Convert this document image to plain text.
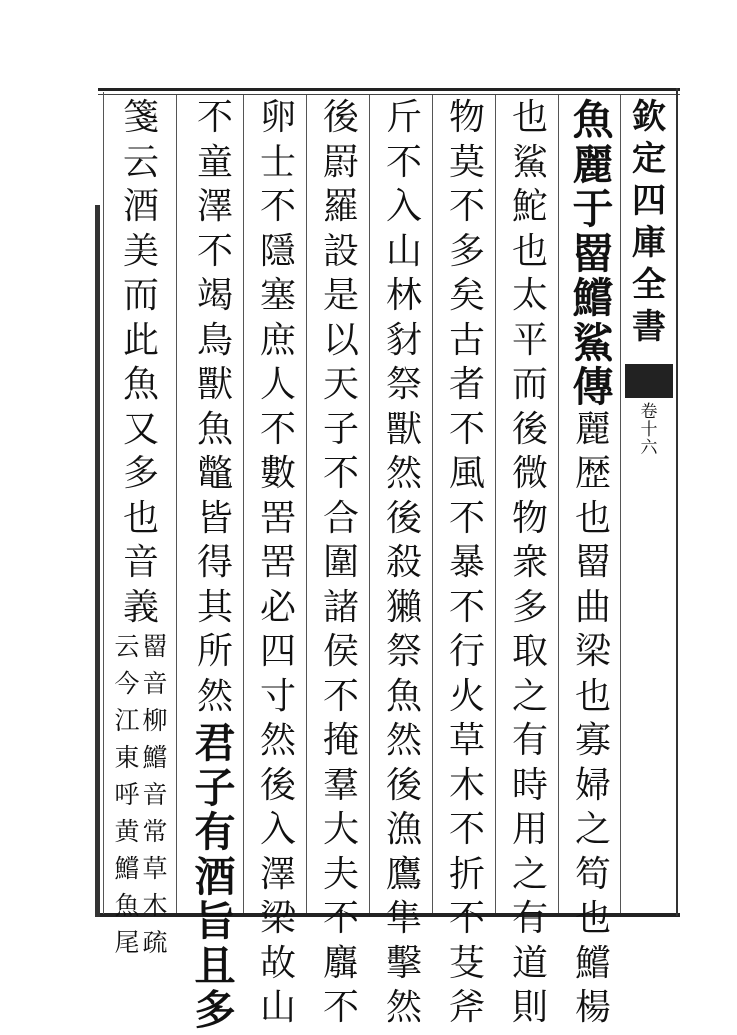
欽
定
四
庫
全
書
卷
十
六
魚
麗
于
罶
鱨
鯊
傳
麗
歴
也
罶
曲
梁
也
寡
婦
之
笱
也
鱨
楊
也
鯊
鮀
也
太
平
而
後
微
物
衆
多
取
之
有
時
用
之
有
道
則
物
莫
不
多
矣
古
者
不
風
不
暴
不
行
火
草
木
不
折
不
芟
斧
斤
不
入
山
林
豺
祭
獸
然
後
殺
獺
祭
魚
然
後
漁
鷹
隼
擊
然
後
罻
羅
設
是
以
天
子
不
合
圍
諸
侯
不
掩
羣
大
夫
不
麛
不
卵
士
不
隱
塞
庶
人
不
數
罟
罟
必
四
寸
然
後
入
澤
梁
故
山
不
童
澤
不
竭
鳥
獸
魚
鼈
皆
得
其
所
然
君
子
有
酒
旨
且
多
箋
云
酒
美
而
此
魚
又
多
也
音
義
罶
音
柳
鱨
音
常
草
木
疏
云
今
江
東
呼
黄
鱨
魚
尾
